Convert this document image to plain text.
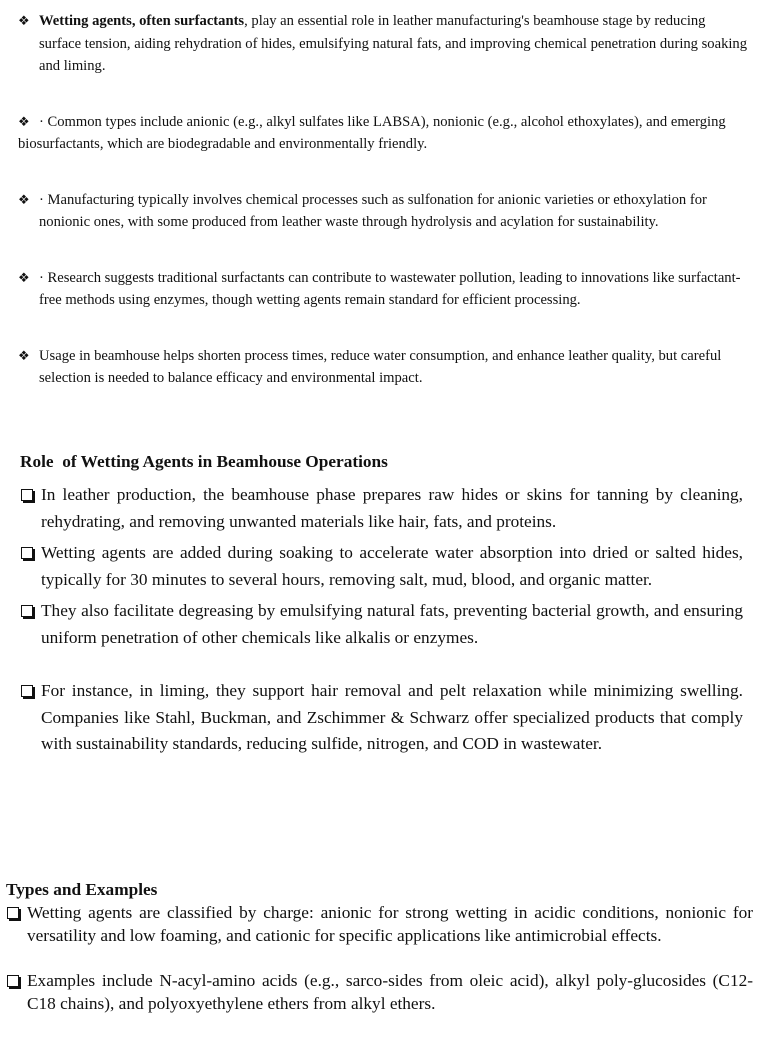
❖ Wetting agents, often surfactants, play an essential role in leather manufacturing's beamhouse stage by reducing surface tension, aiding rehydration of hides, emulsifying natural fats, and improving chemical penetration during soaking and liming.
❖ · Common types include anionic (e.g., alkyl sulfates like LABSA), nonionic (e.g., alcohol ethoxylates), and emerging biosurfactants, which are biodegradable and environmentally friendly.
❖ · Manufacturing typically involves chemical processes such as sulfonation for anionic varieties or ethoxylation for nonionic ones, with some produced from leather waste through hydrolysis and acylation for sustainability.
❖ · Research suggests traditional surfactants can contribute to wastewater pollution, leading to innovations like surfactant-free methods using enzymes, though wetting agents remain standard for efficient processing.
❖ Usage in beamhouse helps shorten process times, reduce water consumption, and enhance leather quality, but careful selection is needed to balance efficacy and environmental impact.
Role  of Wetting Agents in Beamhouse Operations
In leather production, the beamhouse phase prepares raw hides or skins for tanning by cleaning, rehydrating, and removing unwanted materials like hair, fats, and proteins.
Wetting agents are added during soaking to accelerate water absorption into dried or salted hides, typically for 30 minutes to several hours, removing salt, mud, blood, and organic matter.
They also facilitate degreasing by emulsifying natural fats, preventing bacterial growth, and ensuring uniform penetration of other chemicals like alkalis or enzymes.
For instance, in liming, they support hair removal and pelt relaxation while minimizing swelling. Companies like Stahl, Buckman, and Zschimmer & Schwarz offer specialized products that comply with sustainability standards, reducing sulfide, nitrogen, and COD in wastewater.
Types and Examples
Wetting agents are classified by charge: anionic for strong wetting in acidic conditions, nonionic for versatility and low foaming, and cationic for specific applications like antimicrobial effects.
Examples include N-acyl-amino acids (e.g., sarco-sides from oleic acid), alkyl poly-glucosides (C12-C18 chains), and polyoxyethylene ethers from alkyl ethers.
